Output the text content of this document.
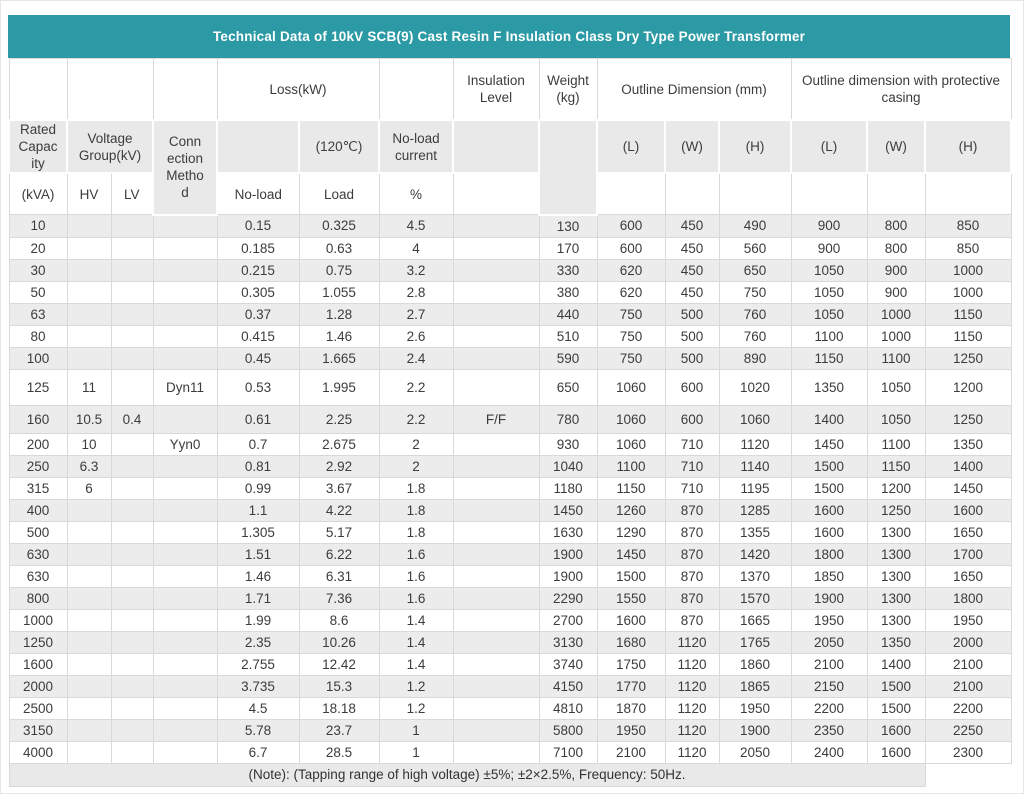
Technical Data of 10kV SCB(9) Cast Resin F Insulation Class Dry Type Power Transformer
				Loss(kW)			Insulation Level	Weight (kg)	Outline Dimension (mm)			Outline dimension with protective casing		
Rated Capacity	Voltage Group(kV)		Connection Method		(120℃)	No-load current			(L)	(W)	(H)	(L)	(W)	(H)
(kVA)	HV	LV		No-load	Load	%								
10				0.15	0.325	4.5		130	600	450	490	900	800	850
20				0.185	0.63	4		170	600	450	560	900	800	850
30				0.215	0.75	3.2		330	620	450	650	1050	900	1000
50				0.305	1.055	2.8		380	620	450	750	1050	900	1000
63				0.37	1.28	2.7		440	750	500	760	1050	1000	1150
80				0.415	1.46	2.6		510	750	500	760	1100	1000	1150
100				0.45	1.665	2.4		590	750	500	890	1150	1100	1250
125	11		Dyn11	0.53	1.995	2.2		650	1060	600	1020	1350	1050	1200
160	10.5	0.4		0.61	2.25	2.2	F/F	780	1060	600	1060	1400	1050	1250
200	10		Yyn0	0.7	2.675	2		930	1060	710	1120	1450	1100	1350
250	6.3			0.81	2.92	2		1040	1100	710	1140	1500	1150	1400
315	6			0.99	3.67	1.8		1180	1150	710	1195	1500	1200	1450
400				1.1	4.22	1.8		1450	1260	870	1285	1600	1250	1600
500				1.305	5.17	1.8		1630	1290	870	1355	1600	1300	1650
630				1.51	6.22	1.6		1900	1450	870	1420	1800	1300	1700
630				1.46	6.31	1.6		1900	1500	870	1370	1850	1300	1650
800				1.71	7.36	1.6		2290	1550	870	1570	1900	1300	1800
1000				1.99	8.6	1.4		2700	1600	870	1665	1950	1300	1950
1250				2.35	10.26	1.4		3130	1680	1120	1765	2050	1350	2000
1600				2.755	12.42	1.4		3740	1750	1120	1860	2100	1400	2100
2000				3.735	15.3	1.2		4150	1770	1120	1865	2150	1500	2100
2500				4.5	18.18	1.2		4810	1870	1120	1950	2200	1500	2200
3150				5.78	23.7	1		5800	1950	1120	1900	2350	1600	2250
4000				6.7	28.5	1		7100	2100	1120	2050	2400	1600	2300
(Note): (Tapping range of high voltage) ±5%; ±2×2.5%, Frequency: 50Hz.														
